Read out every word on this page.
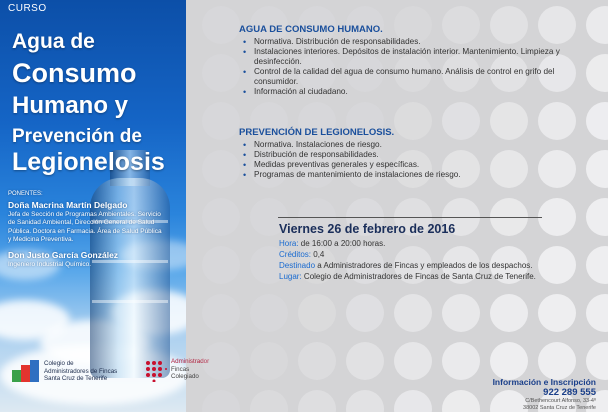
CURSO
Agua de
Consumo
Humano y
Prevención de
Legionelosis
PONENTES:
Doña Macrina Martín Delgado
Jefa de Sección de Programas Ambientales. Servicio
de Sanidad Ambiental, Dirección General de Salud
Pública. Doctora en Farmacia. Área de Salud Pública
y Medicina Preventiva.
Don Justo García González
Ingeniero Industrial Químico.
Colegio de
Administradores de Fincas
Santa Cruz de Tenerife
Administrador
Fincas
Colegiado
AGUA DE CONSUMO HUMANO.
• Normativa. Distribución de responsabilidades.
• Instalaciones interiores. Depósitos de instalación interior. Mantenimiento. Limpieza y desinfección.
• Control de la calidad del agua de consumo humano. Análisis de control en grifo del consumidor.
• Información al ciudadano.
PREVENCIÓN DE LEGIONELOSIS.
• Normativa. Instalaciones de riesgo.
• Distribución de responsabilidades.
• Medidas preventivas generales y específicas.
• Programas de mantenimiento de instalaciones de riesgo.
Viernes 26 de febrero de 2016
Hora: de 16:00 a 20:00 horas.
Créditos: 0,4
Destinado a Administradores de Fincas y empleados de los despachos.
Lugar: Colegio de Administradores de Fincas de Santa Cruz de Tenerife.
Información e Inscripción
922 289 555
C/Bethencourt Alfonso, 33-4º
38002 Santa Cruz de Tenerife
